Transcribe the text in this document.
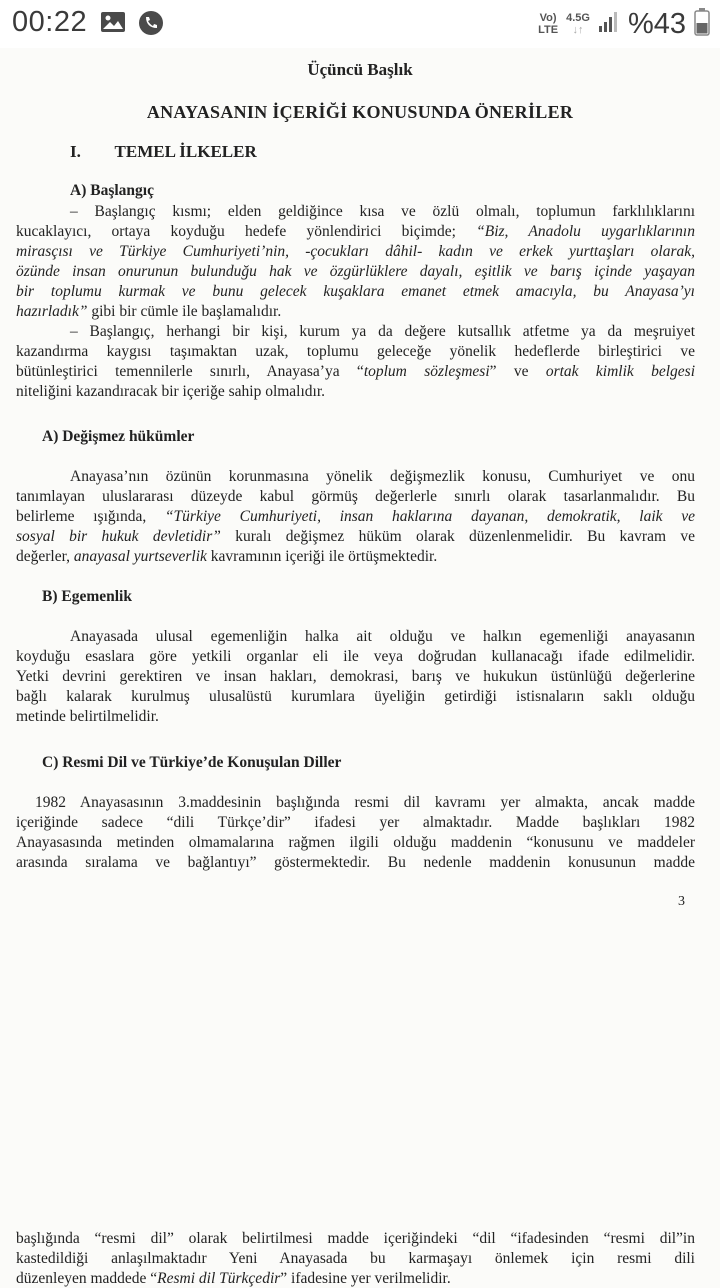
00:22	Vo)
LTE
4.5G
↓↑ %43
Üçüncü Başlık
ANAYASANIN İÇERİĞİ KONUSUNDA ÖNERİLER
I.        TEMEL İLKELER
A) Başlangıç
– Başlangıç kısmı; elden geldiğince kısa ve özlü olmalı, toplumun farklılıklarını
kucaklayıcı, ortaya koyduğu hedefe yönlendirici biçimde; “Biz, Anadolu uygarlıklarının
mirasçısı ve Türkiye Cumhuriyeti’nin, -çocukları dâhil- kadın ve erkek yurttaşları olarak,
özünde insan onurunun bulunduğu hak ve özgürlüklere dayalı, eşitlik ve barış içinde yaşayan
bir toplumu kurmak ve bunu gelecek kuşaklara emanet etmek amacıyla, bu Anayasa’yı
hazırladık” gibi bir cümle ile başlamalıdır.
– Başlangıç, herhangi bir kişi, kurum ya da değere kutsallık atfetme ya da meşruiyet
kazandırma kaygısı taşımaktan uzak, toplumu geleceğe yönelik hedeflerde birleştirici ve
bütünleştirici temennilerle sınırlı, Anayasa’ya “toplum sözleşmesi” ve ortak kimlik belgesi
niteliğini kazandıracak bir içeriğe sahip olmalıdır.
A) Değişmez hükümler
Anayasa’nın özünün korunmasına yönelik değişmezlik konusu, Cumhuriyet ve onu
tanımlayan uluslararası düzeyde kabul görmüş değerlerle sınırlı olarak tasarlanmalıdır. Bu
belirleme ışığında, “Türkiye Cumhuriyeti, insan haklarına dayanan, demokratik, laik ve
sosyal bir hukuk devletidir” kuralı değişmez hüküm olarak düzenlenmelidir. Bu kavram ve
değerler, anayasal yurtseverlik kavramının içeriği ile örtüşmektedir.
B) Egemenlik
Anayasada ulusal egemenliğin halka ait olduğu ve halkın egemenliği anayasanın
koyduğu esaslara göre yetkili organlar eli ile veya doğrudan kullanacağı ifade edilmelidir.
Yetki devrini gerektiren ve insan hakları, demokrasi, barış ve hukukun üstünlüğü değerlerine
bağlı kalarak kurulmuş ulusalüstü kurumlara üyeliğin getirdiği istisnaların saklı olduğu
metinde belirtilmelidir.
C) Resmi Dil ve Türkiye’de Konuşulan Diller
1982 Anayasasının 3.maddesinin başlığında resmi dil kavramı yer almakta, ancak madde
içeriğinde sadece “dili Türkçe’dir” ifadesi yer almaktadır. Madde başlıkları 1982
Anayasasında metinden olmamalarına rağmen ilgili olduğu maddenin “konusunu ve maddeler
arasında sıralama ve bağlantıyı” göstermektedir. Bu nedenle maddenin konusunun madde
3
başlığında “resmi dil” olarak belirtilmesi madde içeriğindeki “dil “ifadesinden “resmi dil”in
kastedildiği anlaşılmaktadır Yeni Anayasada bu karmaşayı önlemek için resmi dili
düzenleyen maddede “Resmi dil Türkçedir” ifadesine yer verilmelidir.
